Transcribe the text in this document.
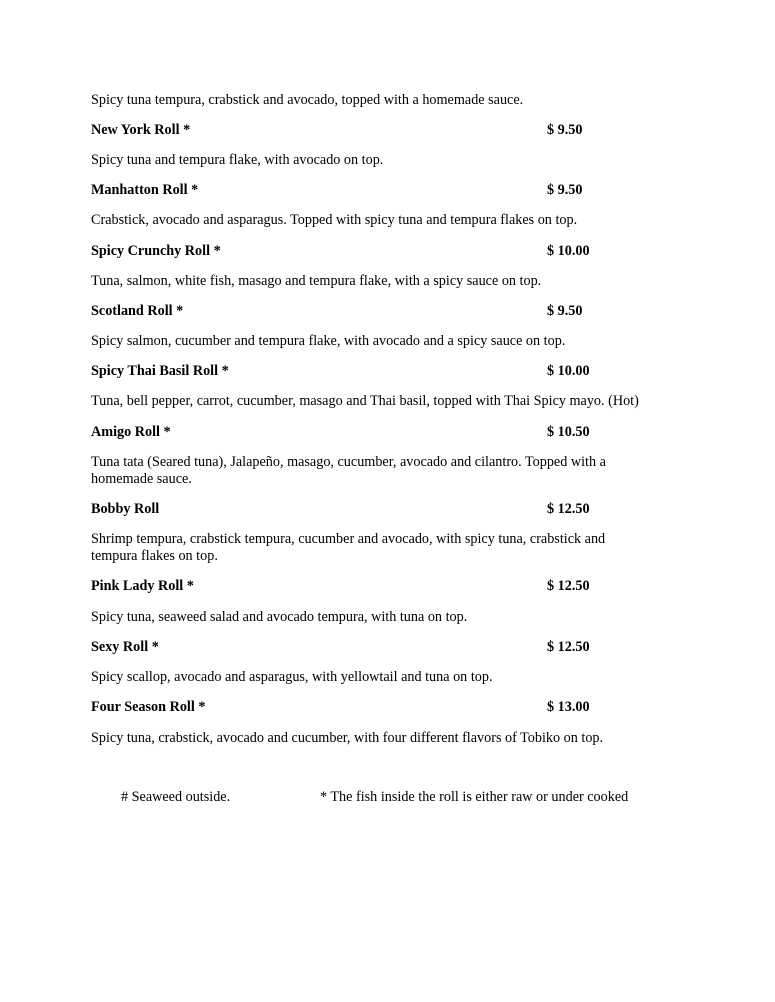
Spicy tuna tempura, crabstick and avocado, topped with a homemade sauce.
New York Roll *	$ 9.50
Spicy tuna and tempura flake, with avocado on top.
Manhatton Roll *	$ 9.50
Crabstick, avocado and asparagus. Topped with spicy tuna and tempura flakes on top.
Spicy Crunchy Roll *	$ 10.00
Tuna, salmon, white fish, masago and tempura flake, with a spicy sauce on top.
Scotland Roll *	$ 9.50
Spicy salmon, cucumber and tempura flake, with avocado and a spicy sauce on top.
Spicy Thai Basil Roll *	$ 10.00
Tuna, bell pepper, carrot, cucumber, masago and Thai basil, topped with Thai Spicy mayo. (Hot)
Amigo Roll *	$ 10.50
Tuna tata (Seared tuna), Jalapeño, masago, cucumber, avocado and cilantro. Topped with a homemade sauce.
Bobby Roll	$ 12.50
Shrimp tempura, crabstick tempura, cucumber and avocado, with spicy tuna, crabstick and tempura flakes on top.
Pink Lady Roll *	$ 12.50
Spicy tuna, seaweed salad and avocado tempura, with tuna on top.
Sexy Roll *	$ 12.50
Spicy scallop, avocado and asparagus, with yellowtail and tuna on top.
Four Season Roll *	$ 13.00
Spicy tuna, crabstick, avocado and cucumber, with four different flavors of Tobiko on top.
# Seaweed outside.	* The fish inside the roll is either raw or under cooked
